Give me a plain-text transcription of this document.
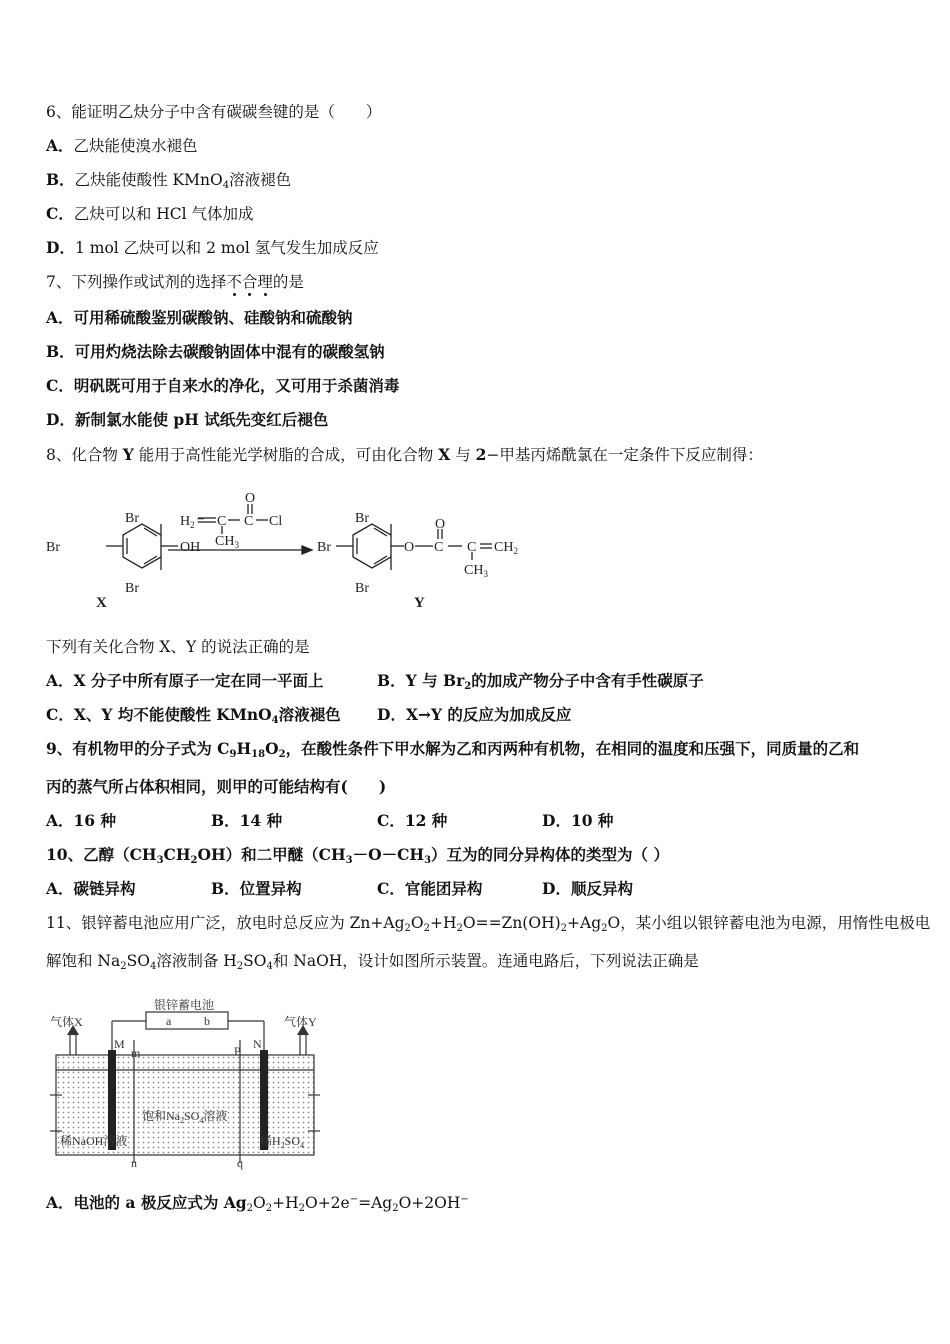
6、能证明乙炔分子中含有碳碳叁键的是（　　）
A．乙炔能使溴水褪色
B．乙炔能使酸性 KMnO$_4$溶液褪色
C．乙炔可以和 HCl 气体加成
D．1 mol 乙炔可以和 2 mol 氢气发生加成反应
7、下列操作或试剂的选择不合理的是
A．可用稀硫酸鉴别碳酸钠、硅酸钠和硫酸钠
B．可用灼烧法除去碳酸钠固体中混有的碳酸氢钠
C．明矾既可用于自来水的净化，又可用于杀菌消毒
D．新制氯水能使 pH 试纸先变红后褪色
8、化合物 Y 能用于高性能光学树脂的合成，可由化合物 X 与 2−甲基丙烯酰氯在一定条件下反应制得：
Br
Br
Br	OH
$H_2 = C$
$CH_3$
O
C Cl	Br
Br
Br	O
O
C C $CH_2$
$CH_3$
X	Y
下列有关化合物 X、Y 的说法正确的是
A．X 分子中所有原子一定在同一平面上	B．Y 与 $Br_2$的加成产物分子中含有手性碳原子
C．X、Y 均不能使酸性 KMnO$_4$溶液褪色 D．X→Y 的反应为加成反应
9、有机物甲的分子式为 $C_9H_{18}O_2$，在酸性条件下甲水解为乙和丙两种有机物，在相同的温度和压强下，同质量的乙和
丙的蒸气所占体积相同，则甲的可能结构有(　　)
A．16 种	B．14 种	C．12 种	D．10 种
10、乙醇$(CH_3CH_2OH)$和二甲醚$(CH_3-O-CH_3)$互为的同分异构体的类型为（ ）
A．碳链异构	B．位置异构	C．官能团异构	D．顺反异构
11、银锌蓄电池应用广泛，放电时总反应为 $Zn+Ag_2O_2+H_2O==Zn(OH)_2+Ag_2O$，某小组以银锌蓄电池为电源，用惰性电极电
解饱和 $Na_2SO_4$溶液制备 $H_2SO_4$和 NaOH，设计如图所示装置。连通电路后，下列说法正确是
银锌蓄电池
a	b
气体X	气体Y
M
m	P N
n	q
饱和$Na_2SO_4$溶液
稀NaOH溶液	稀$H_2SO_4$
A．电池的 a 极反应式为 $Ag_2O_2+H_2O+2e^-=Ag_2O+2OH^-$
